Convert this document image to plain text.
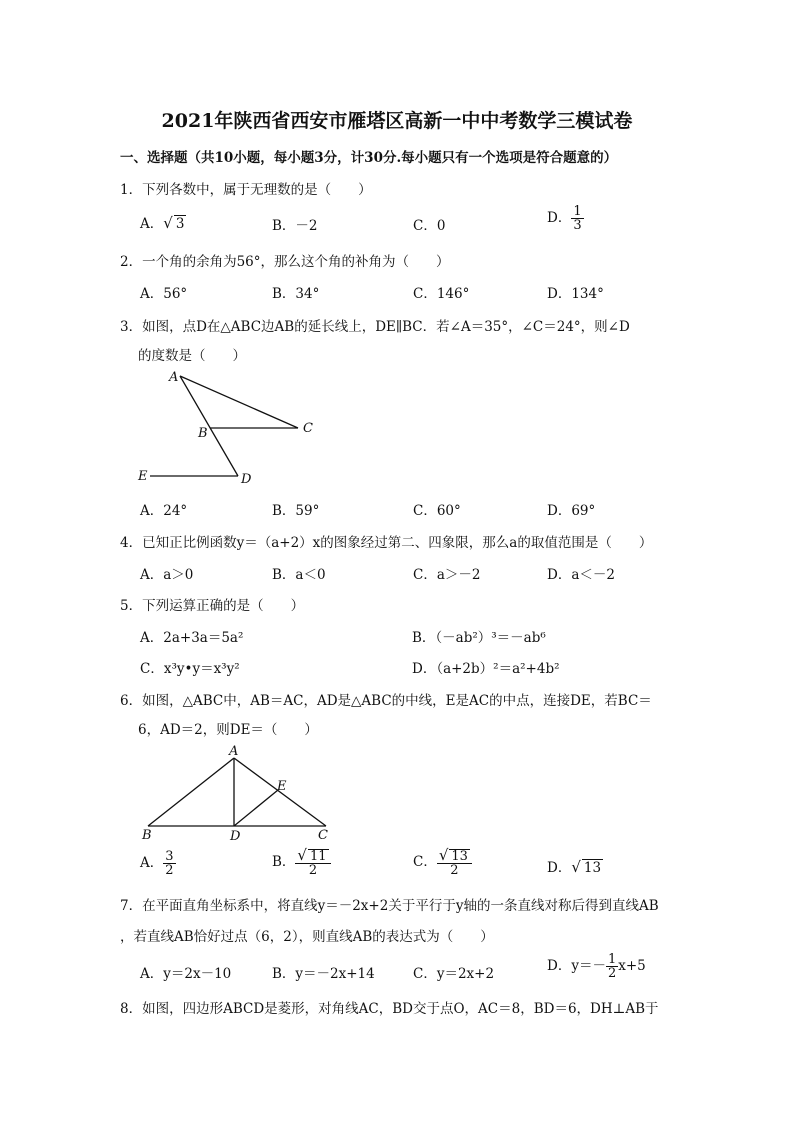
2021年陕西省西安市雁塔区高新一中中考数学三模试卷
一、选择题（共10小题，每小题3分，计30分.每小题只有一个选项是符合题意的）
1．下列各数中，属于无理数的是（　　）
A．√ 3	B．－2	C．0	D． $\frac{1}{3}$
2．一个角的余角为56°，那么这个角的补角为（　　）
A．56°	B．34°	C．146°	D．134°
3．如图，点D在△ABC边AB的延长线上，DE∥BC．若∠A＝35°，∠C＝24°，则∠D
的度数是（　　）
A
B	C
D
E
A．24°	B．59°	C．60°	D．69°
4．已知正比例函数y＝（a+2）x的图象经过第二、四象限，那么a的取值范围是（　　）
A．a＞0	B．a＜0	C．a＞－2	D．a＜－2
5．下列运算正确的是（　　）
A．2a+3a＝5a²	B．（－ab²）³＝－ab⁶
C．x³y•y＝x³y²	D．（a+2b）²＝a²+4b²
6．如图，△ABC中，AB＝AC，AD是△ABC的中线，E是AC的中点，连接DE，若BC＝
6，AD＝2，则DE＝（　　）
A
B	C
D
E
A． $\frac{3}{2}$	B． $\frac{√ 11}{2}$	C． $\frac{√ 13}{2}$	D．√ 13
7．在平面直角坐标系中，将直线y＝－2x+2关于平行于y轴的一条直线对称后得到直线AB
，若直线AB恰好过点（6，2），则直线AB的表达式为（　　）
A．y＝2x－10	B．y＝－2x+14	C．y＝2x+2	D．$y=- \frac{1}{2} x+5$
8．如图，四边形ABCD是菱形，对角线AC，BD交于点O，AC＝8，BD＝6，DH⊥AB于
